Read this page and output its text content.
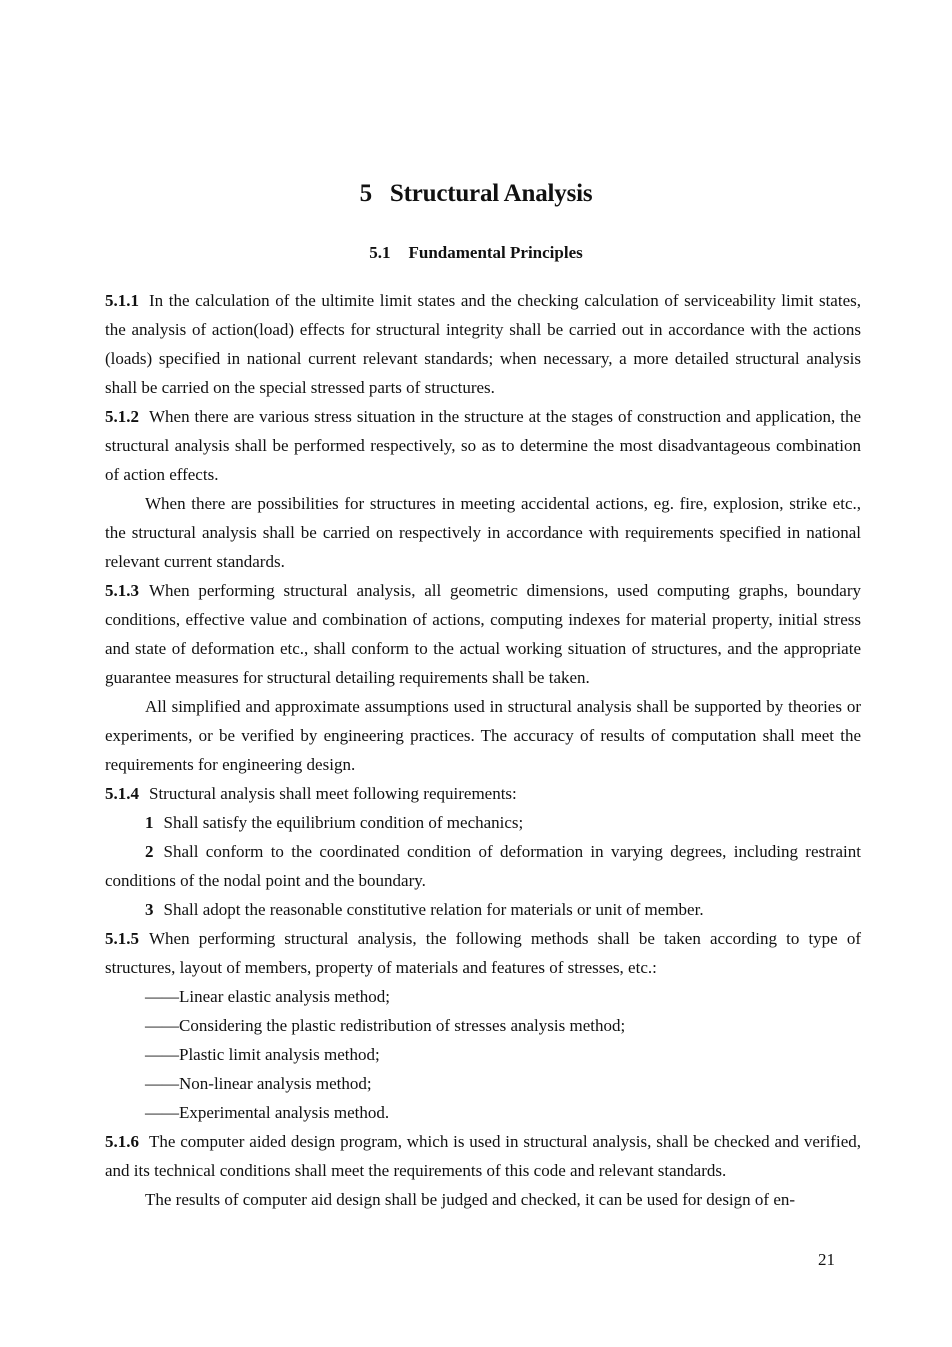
5 Structural Analysis
5.1 Fundamental Principles

5.1.1 In the calculation of the ultimite limit states and the checking calculation of serviceability limit states, the analysis of action(load) effects for structural integrity shall be carried out in accordance with the actions (loads) specified in national current relevant standards; when necessary, a more detailed structural analysis shall be carried on the special stressed parts of structures.

5.1.2 When there are various stress situation in the structure at the stages of construction and application, the structural analysis shall be performed respectively, so as to determine the most disadvantageous combination of action effects.

When there are possibilities for structures in meeting accidental actions, eg. fire, explosion, strike etc., the structural analysis shall be carried on respectively in accordance with requirements specified in national relevant current standards.

5.1.3 When performing structural analysis, all geometric dimensions, used computing graphs, boundary conditions, effective value and combination of actions, computing indexes for material property, initial stress and state of deformation etc., shall conform to the actual working situation of structures, and the appropriate guarantee measures for structural detailing requirements shall be taken.

All simplified and approximate assumptions used in structural analysis shall be supported by theories or experiments, or be verified by engineering practices. The accuracy of results of computation shall meet the requirements for engineering design.

5.1.4 Structural analysis shall meet following requirements:

1 Shall satisfy the equilibrium condition of mechanics;

2 Shall conform to the coordinated condition of deformation in varying degrees, including restraint conditions of the nodal point and the boundary.

3 Shall adopt the reasonable constitutive relation for materials or unit of member.

5.1.5 When performing structural analysis, the following methods shall be taken according to type of structures, layout of members, property of materials and features of stresses, etc.:

——Linear elastic analysis method;

——Considering the plastic redistribution of stresses analysis method;

——Plastic limit analysis method;

——Non-linear analysis method;

——Experimental analysis method.

5.1.6 The computer aided design program, which is used in structural analysis, shall be checked and verified, and its technical conditions shall meet the requirements of this code and relevant standards.

The results of computer aid design shall be judged and checked, it can be used for design of en-

21
